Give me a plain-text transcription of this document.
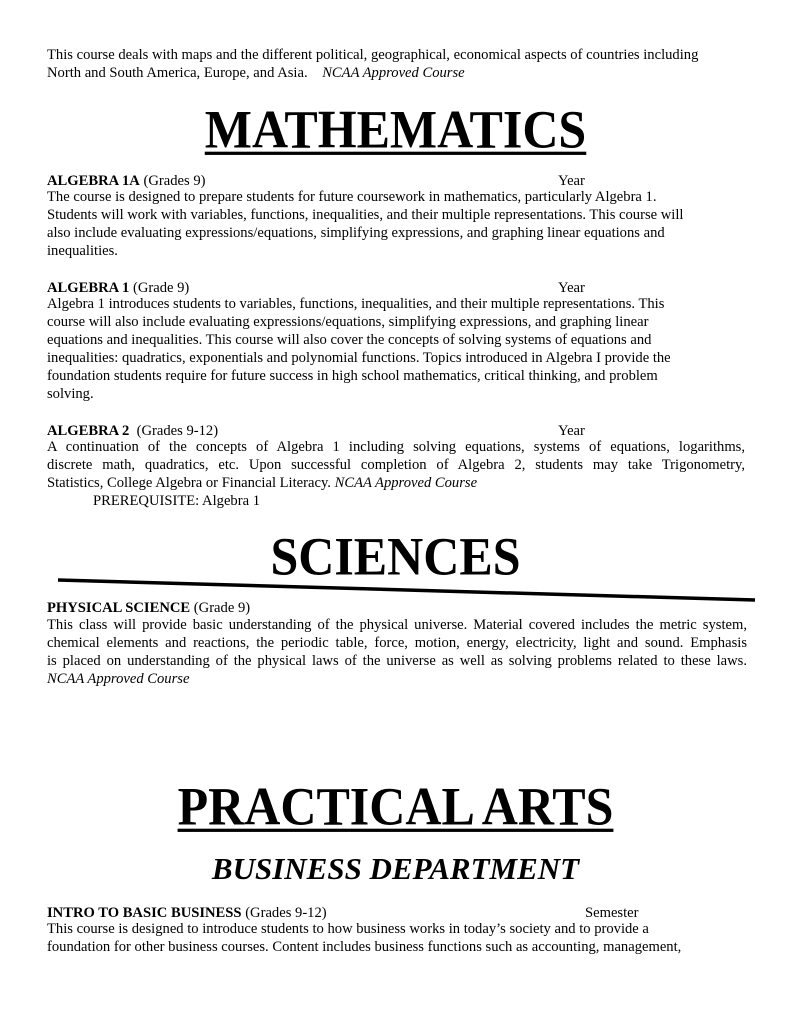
This course deals with maps and the different political, geographical, economical aspects of countries including
North and South America, Europe, and Asia. NCAA Approved Course
MATHEMATICS
ALGEBRA 1A (Grades 9)	Year
The course is designed to prepare students for future coursework in mathematics, particularly Algebra 1.
Students will work with variables, functions, inequalities, and their multiple representations. This course will
also include evaluating expressions/equations, simplifying expressions, and graphing linear equations and
inequalities.
ALGEBRA 1 (Grade 9)	Year
Algebra 1 introduces students to variables, functions, inequalities, and their multiple representations. This
course will also include evaluating expressions/equations, simplifying expressions, and graphing linear
equations and inequalities. This course will also cover the concepts of solving systems of equations and
inequalities: quadratics, exponentials and polynomial functions. Topics introduced in Algebra I provide the
foundation students require for future success in high school mathematics, critical thinking, and problem
solving.
ALGEBRA 2 (Grades 9-12)	Year
A continuation of the concepts of Algebra 1 including solving equations, systems of equations, logarithms,
discrete math, quadratics, etc. Upon successful completion of Algebra 2, students may take Trigonometry,
Statistics, College Algebra or Financial Literacy. NCAA Approved Course
PREREQUISITE: Algebra 1
SCIENCES
PHYSICAL SCIENCE (Grade 9)
This class will provide basic understanding of the physical universe. Material covered includes the metric system,
chemical elements and reactions, the periodic table, force, motion, energy, electricity, light and sound. Emphasis
is placed on understanding of the physical laws of the universe as well as solving problems related to these laws.
NCAA Approved Course
PRACTICAL ARTS
BUSINESS DEPARTMENT
INTRO TO BASIC BUSINESS (Grades 9-12)	Semester
This course is designed to introduce students to how business works in today’s society and to provide a
foundation for other business courses. Content includes business functions such as accounting, management,
